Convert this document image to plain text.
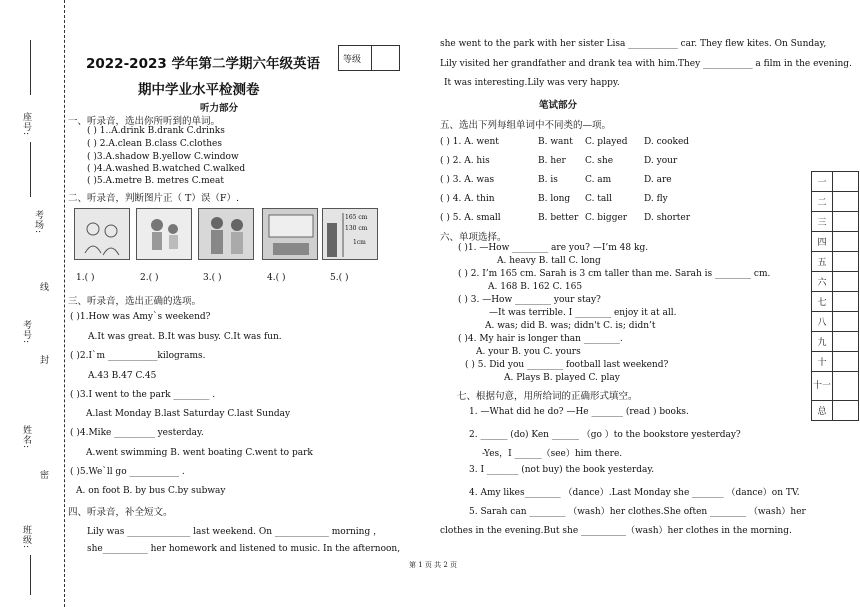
座号:
考场:
线
考号:
封
姓名:
密
班级:
2022-2023 学年第二学期六年级英语
期中学业水平检测卷
等级
听力部分
一、听录音，选出你所听到的单词。
( ) 1..A.drink B.drank C.drinks
( ) 2.A.clean B.class C.clothes
( )3.A.shadow B.yellow C.window
( )4.A.washed B.watched C.walked
( )5.A.metre B. metres C.meat
二、听录音，判断图片正（ T）误（F）.
165 cm
130 cm
1cm
1.( )	2.( )	3.( )	4.( )	5.( )
三、听录音，选出正确的选项。
( )1.How was Amy`s weekend?
A.It was great. B.It was busy. C.It was fun.
( )2.I`m ___________kilograms.
A.43 B.47 C.45
( )3.I went to the park ________ .
A.last Monday B.last Saturday C.last Sunday
( )4.Mike _________ yesterday.
A.went swimming B. went boating C.went to park
( )5.We`ll go ___________ .
A. on foot B. by bus C.by subway
四、听录音，补全短文。
Lily was ______________ last weekend. On ____________ morning ，
she__________ her homework and listened to music. In the afternoon,
she went to the park with her sister Lisa ___________ car. They flew kites. On Sunday,
Lily visited her grandfather and drank tea with him.They ___________ a film in the evening.
It was interesting.Lily was very happy.
笔试部分
五、选出下列每组单词中不同类的—项。
( ) 1. A. went	B. want C. played D. cooked
( ) 2. A. his	B. her C. she	D. your
( ) 3. A. was	B. is	C. am	D. are
( ) 4. A. thin	B. long C. tall	D. fly
( ) 5. A. small	B. better C. bigger D. shorter
六、单项选择。
( )1. —How ________ are you? —I’m 48 kg.
A. heavy B. tall C. long
( ) 2. I’m 165 cm. Sarah is 3 cm taller than me. Sarah is ________ cm.
A. 168 B. 162 C. 165
( ) 3. —How ________ your stay?
—It was terrible. I ________ enjoy it at all.
A. was; did B. was; didn't C. is; didn’t
( )4. My hair is longer than ________.
A. your B. you C. yours
( ) 5. Did you ________ football last weekend?
A. Plays B. played C. play
七、根据句意，用所给词的正确形式填空。
1. —What did he do? —He _______ (read ) books.
2. ______ (do) Ken ______ （go ）to the bookstore yesterday?
-Yes，I ______（see）him there.
3. I _______ (not buy) the book yesterday.
4. Amy likes________ （dance）.Last Monday she _______ （dance）on TV.
5. Sarah can ________ （wash）her clothes.She often ________ （wash）her
clothes in the evening.But she __________（wash）her clothes in the morning.
一	
二	
三	
四	
五	
六	
七	
八	
九	
十	
十一	
总	
第 1 页 共 2 页
